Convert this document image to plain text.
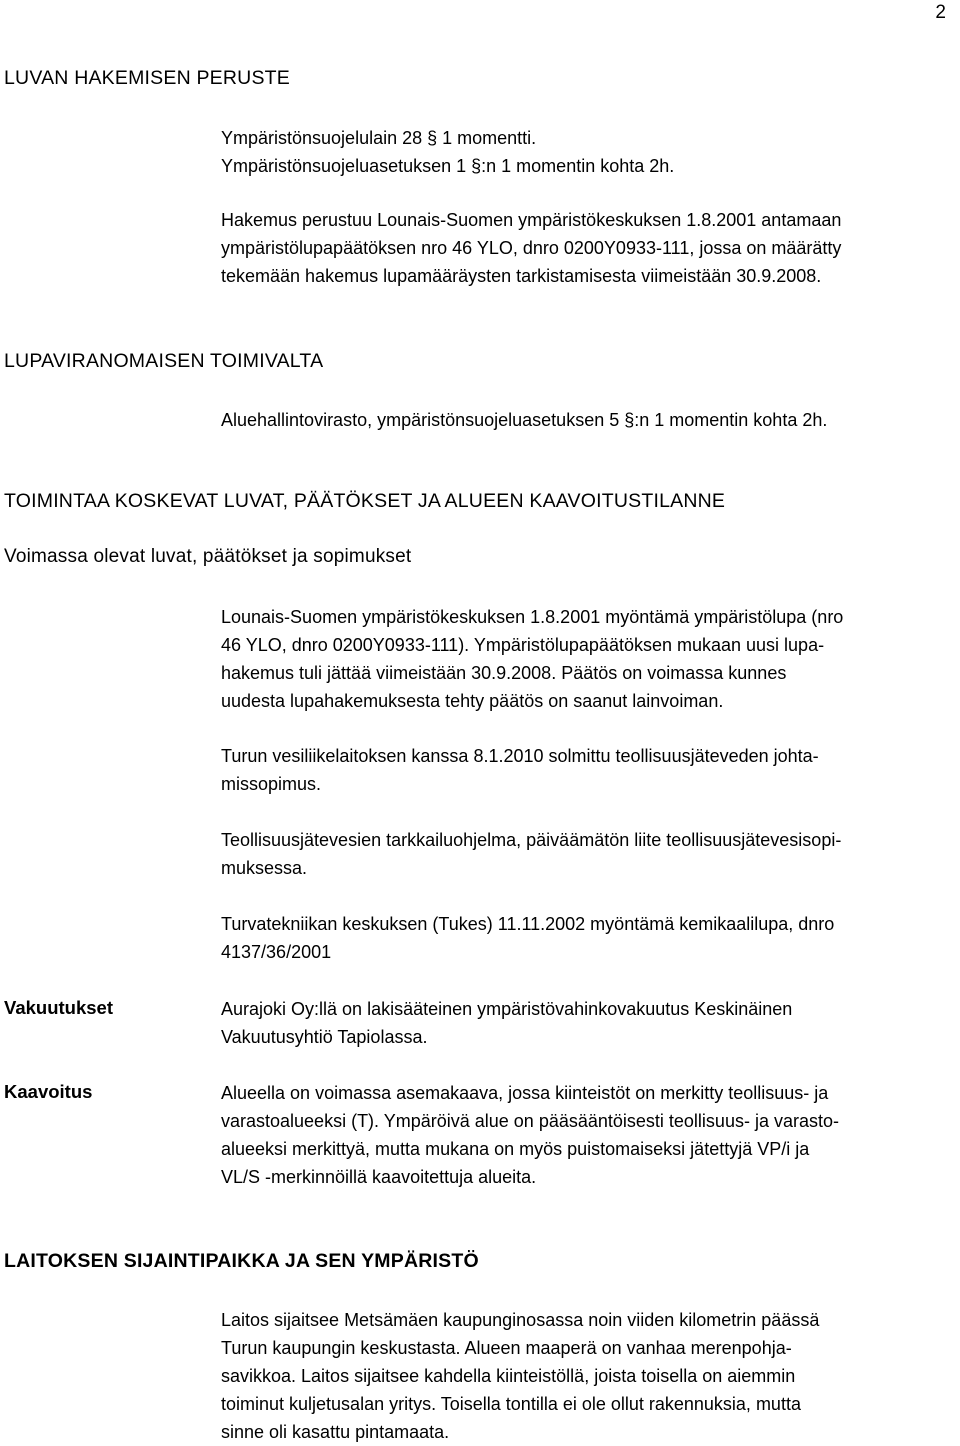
2
LUVAN HAKEMISEN PERUSTE
Ympäristönsuojelulain 28 § 1 momentti.
Ympäristönsuojeluasetuksen 1 §:n 1 momentin kohta 2h.
Hakemus perustuu Lounais-Suomen ympäristökeskuksen 1.8.2001 antamaan
ympäristölupapäätöksen nro 46 YLO, dnro 0200Y0933-111, jossa on määrätty
tekemään hakemus lupamääräysten tarkistamisesta viimeistään 30.9.2008.
LUPAVIRANOMAISEN TOIMIVALTA
Aluehallintovirasto, ympäristönsuojeluasetuksen 5 §:n 1 momentin kohta 2h.
TOIMINTAA KOSKEVAT LUVAT, PÄÄTÖKSET JA ALUEEN KAAVOITUSTILANNE
Voimassa olevat luvat, päätökset ja sopimukset
Lounais-Suomen ympäristökeskuksen 1.8.2001 myöntämä ympäristölupa (nro
46 YLO, dnro 0200Y0933-111). Ympäristölupapäätöksen mukaan uusi lupa-
hakemus tuli jättää viimeistään 30.9.2008. Päätös on voimassa kunnes
uudesta lupahakemuksesta tehty päätös on saanut lainvoiman.
Turun vesiliikelaitoksen kanssa 8.1.2010 solmittu teollisuusjäteveden johta-
missopimus.
Teollisuusjätevesien tarkkailuohjelma, päiväämätön liite teollisuusjätevesisopi-
muksessa.
Turvatekniikan keskuksen (Tukes) 11.11.2002 myöntämä kemikaalilupa, dnro
4137/36/2001
Vakuutukset	Aurajoki Oy:llä on lakisääteinen ympäristövahinkovakuutus Keskinäinen
Vakuutusyhtiö Tapiolassa.
Kaavoitus	Alueella on voimassa asemakaava, jossa kiinteistöt on merkitty teollisuus- ja
varastoalueeksi (T). Ympäröivä alue on pääsääntöisesti teollisuus- ja varasto-
alueeksi merkittyä, mutta mukana on myös puistomaiseksi jätettyjä VP/i ja
VL/S -merkinnöillä kaavoitettuja alueita.
LAITOKSEN SIJAINTIPAIKKA JA SEN YMPÄRISTÖ
Laitos sijaitsee Metsämäen kaupunginosassa noin viiden kilometrin päässä
Turun kaupungin keskustasta. Alueen maaperä on vanhaa merenpohja-
savikkoa. Laitos sijaitsee kahdella kiinteistöllä, joista toisella on aiemmin
toiminut kuljetusalan yritys. Toisella tontilla ei ole ollut rakennuksia, mutta
sinne oli kasattu pintamaata.
